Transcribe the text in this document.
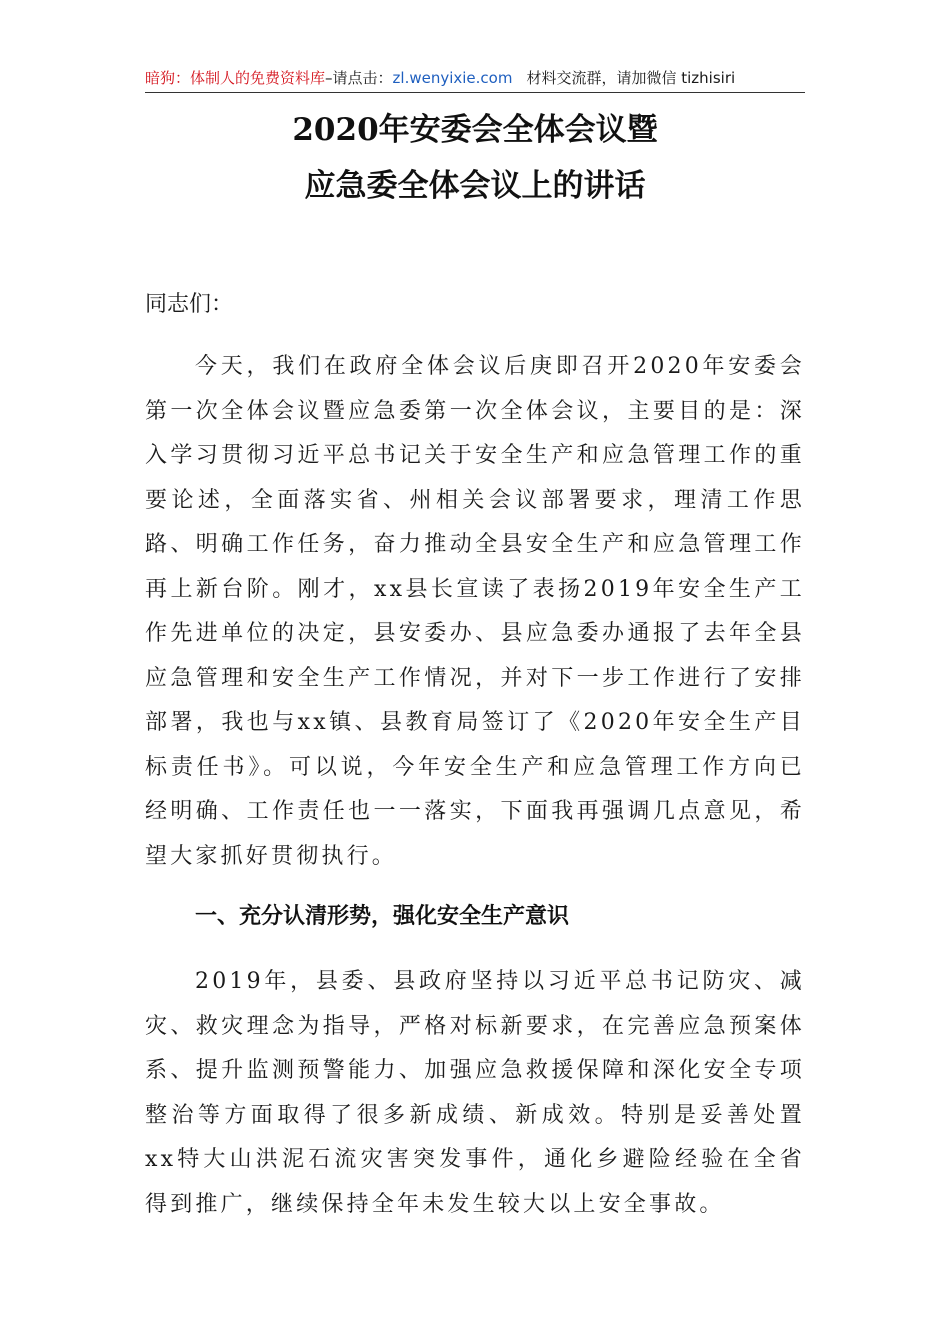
暗狗：体制人的免费资料库–请点击：zl.wenyixie.com 材料交流群，请加微信 tizhisiri
2020年安委会全体会议暨
应急委全体会议上的讲话
同志们：

今天，我们在政府全体会议后庚即召开2020年安委会第一次全体会议暨应急委第一次全体会议，主要目的是：深入学习贯彻习近平总书记关于安全生产和应急管理工作的重要论述，全面落实省、州相关会议部署要求，理清工作思路、明确工作任务，奋力推动全县安全生产和应急管理工作再上新台阶。刚才，xx县长宣读了表扬2019年安全生产工作先进单位的决定，县安委办、县应急委办通报了去年全县应急管理和安全生产工作情况，并对下一步工作进行了安排部署，我也与xx镇、县教育局签订了《2020年安全生产目标责任书》。可以说，今年安全生产和应急管理工作方向已经明确、工作责任也一一落实，下面我再强调几点意见，希望大家抓好贯彻执行。

一、充分认清形势，强化安全生产意识

2019年，县委、县政府坚持以习近平总书记防灾、减灾、救灾理念为指导，严格对标新要求，在完善应急预案体系、提升监测预警能力、加强应急救援保障和深化安全专项整治等方面取得了很多新成绩、新成效。特别是妥善处置xx特大山洪泥石流灾害突发事件，通化乡避险经验在全省得到推广，继续保持全年未发生较大以上安全事故。
